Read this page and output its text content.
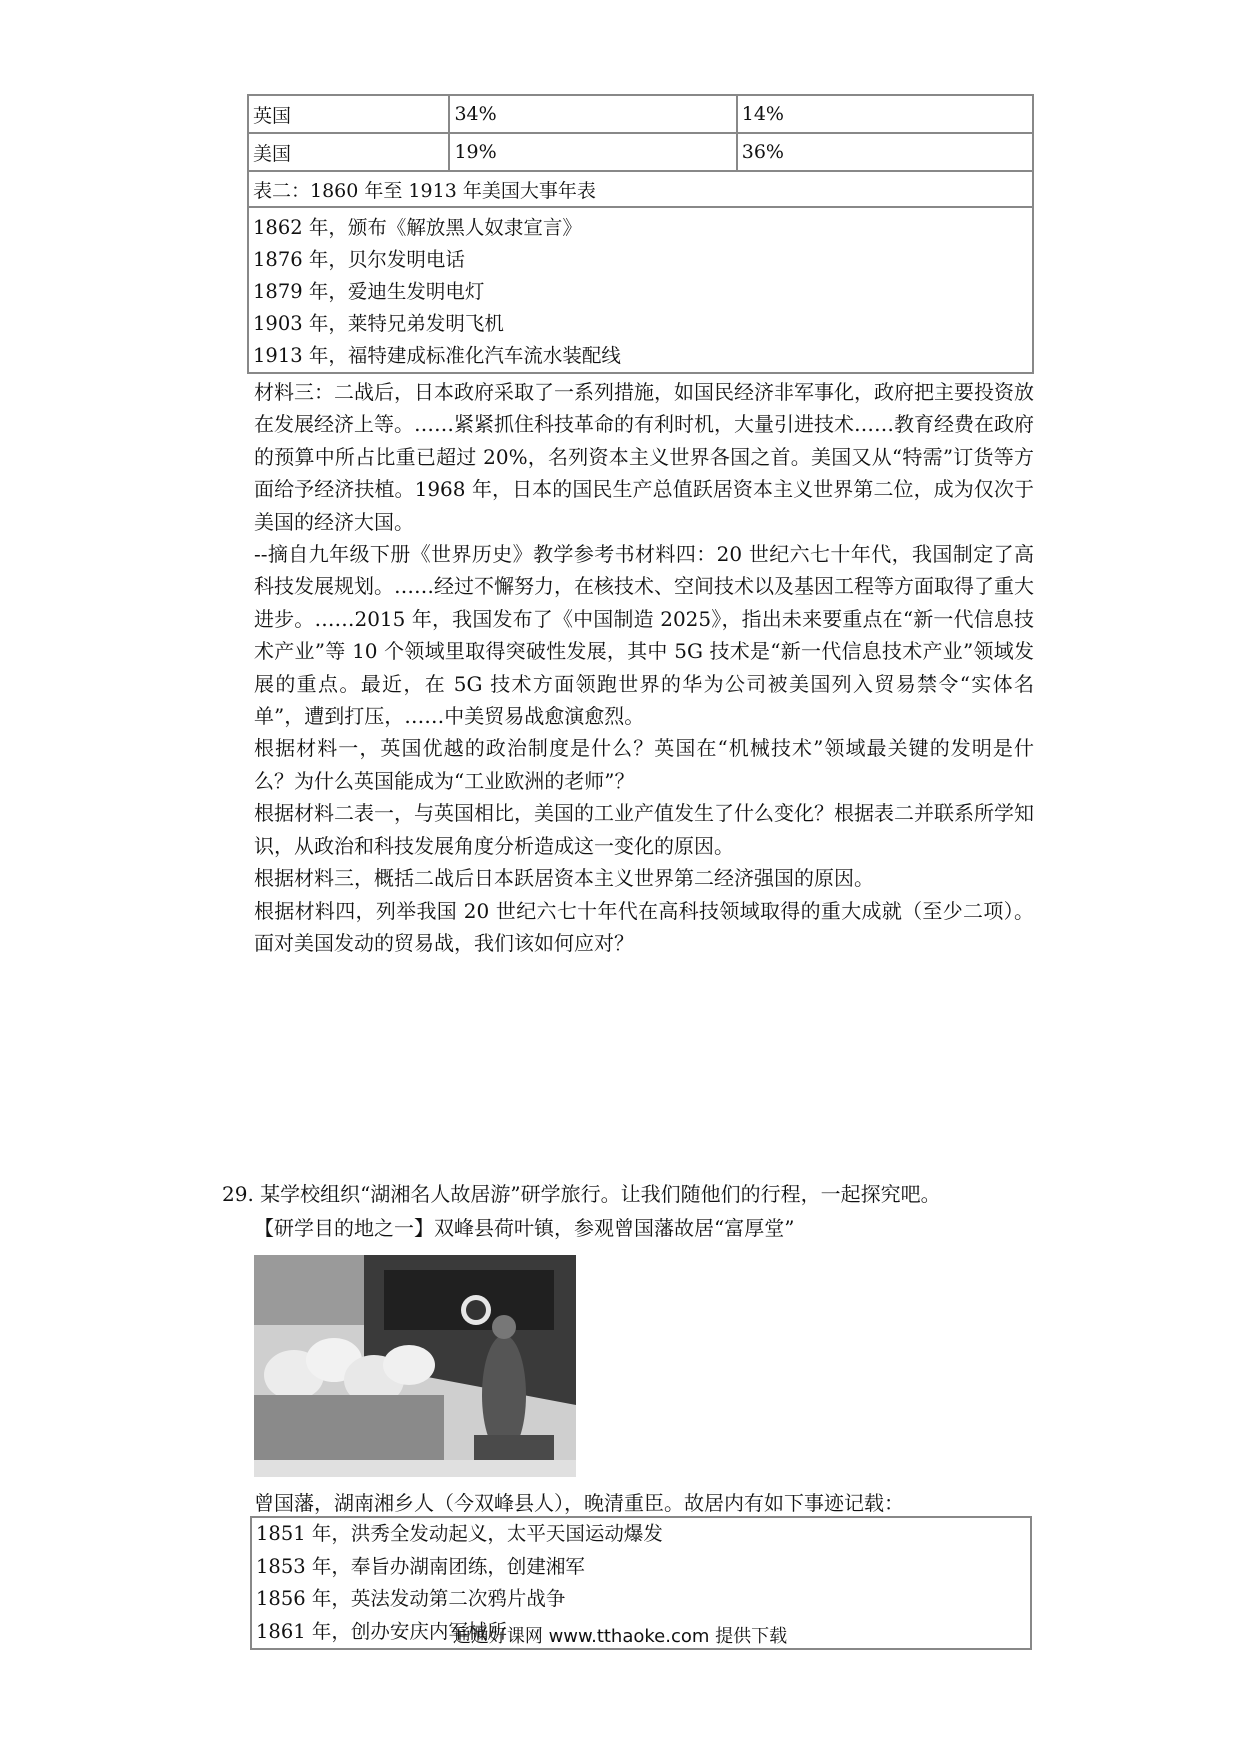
英国	34%	14%
美国	19%	36%
表二：1860 年至 1913 年美国大事年表		

1862 年，颁布《解放黑人奴隶宣言》
1876 年，贝尔发明电话
1879 年，爱迪生发明电灯
1903 年，莱特兄弟发明飞机
1913 年，福特建成标准化汽车流水装配线		

材料三：二战后，日本政府采取了一系列措施，如国民经济非军事化，政府把主要投资放在发展经济上等。……紧紧抓住科技革命的有利时机，大量引进技术……教育经费在政府的预算中所占比重已超过 20%，名列资本主义世界各国之首。美国又从“特需”订货等方面给予经济扶植。1968 年，日本的国民生产总值跃居资本主义世界第二位，成为仅次于美国的经济大国。

--摘自九年级下册《世界历史》教学参考书材料四：20 世纪六七十年代，我国制定了高科技发展规划。……经过不懈努力，在核技术、空间技术以及基因工程等方面取得了重大进步。……2015 年，我国发布了《中国制造 2025》，指出未来要重点在“新一代信息技术产业”等 10 个领域里取得突破性发展，其中 5G 技术是“新一代信息技术产业”领域发展的重点。最近，在 5G 技术方面领跑世界的华为公司被美国列入贸易禁令“实体名单”，遭到打压，……中美贸易战愈演愈烈。

根据材料一，英国优越的政治制度是什么？英国在“机械技术”领域最关键的发明是什么？为什么英国能成为“工业欧洲的老师”？

根据材料二表一，与英国相比，美国的工业产值发生了什么变化？根据表二并联系所学知识，从政治和科技发展角度分析造成这一变化的原因。

根据材料三，概括二战后日本跃居资本主义世界第二经济强国的原因。

根据材料四，列举我国 20 世纪六七十年代在高科技领域取得的重大成就（至少二项）。面对美国发动的贸易战，我们该如何应对？

29. 某学校组织“湖湘名人故居游”研学旅行。让我们随他们的行程，一起探究吧。
【研学目的地之一】双峰县荷叶镇，参观曾国藩故居“富厚堂”
曾国藩，湖南湘乡人（今双峰县人），晚清重臣。故居内有如下事迹记载：
1851 年，洪秀全发动起义，太平天国运动爆发
1853 年，奉旨办湖南团练，创建湘军
1856 年，英法发动第二次鸦片战争
1861 年，创办安庆内军械所
通通好课网 www.tthaoke.com 提供下载
